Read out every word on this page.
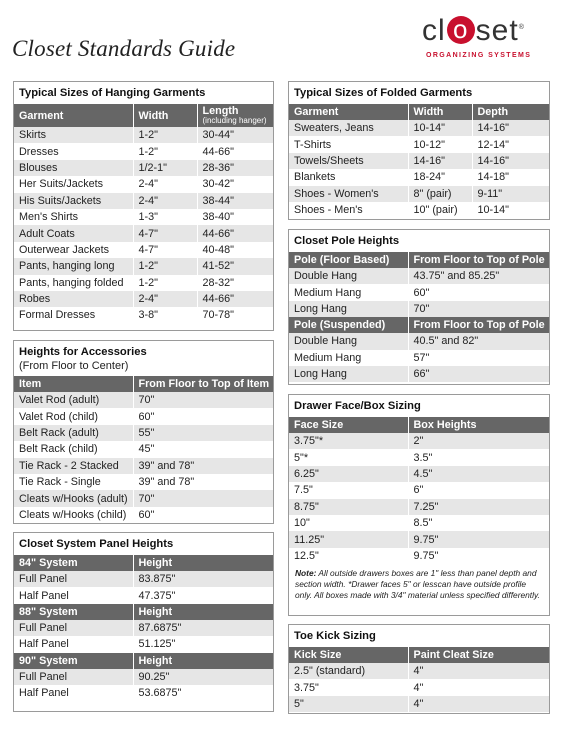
Closet Standards Guide
cl o set®
ORGANIZING SYSTEMS
Typical Sizes of Hanging Garments
Garment	Width	Length
(including hanger)

Skirts	1-2"	30-44"
Dresses	1-2"	44-66"
Blouses	1/2-1"	28-36"
Her Suits/Jackets	2-4"	30-42"
His Suits/Jackets	2-4"	38-44"
Men's Shirts	1-3"	38-40"
Adult Coats	4-7"	44-66"
Outerwear Jackets	4-7"	40-48"
Pants, hanging long	1-2"	41-52"
Pants, hanging folded	1-2"	28-32"
Robes	2-4"	44-66"
Formal Dresses	3-8"	70-78"
Heights for Accessories
(From Floor to Center)
Item	From Floor to Top of Item
Valet Rod (adult)	70"
Valet Rod (child)	60"
Belt Rack (adult)	55"
Belt Rack (child)	45"
Tie Rack - 2 Stacked	39" and 78"
Tie Rack - Single	39" and 78"
Cleats w/Hooks (adult)	70"
Cleats w/Hooks (child)	60"
Closet System Panel Heights
84" System	Height
Full Panel	83.875"
Half Panel	47.375"
88" System	Height
Full Panel	87.6875"
Half Panel	51.125"
90" System	Height
Full Panel	90.25"
Half Panel	53.6875"
Typical Sizes of Folded Garments
Garment	Width	Depth
Sweaters, Jeans	10-14"	14-16"
T-Shirts	10-12"	12-14"
Towels/Sheets	14-16"	14-16"
Blankets	18-24"	14-18"
Shoes - Women's	8" (pair)	9-11"
Shoes - Men's	10" (pair)	10-14"
Closet Pole Heights
Pole (Floor Based)	From Floor to Top of Pole
Double Hang	43.75" and 85.25"
Medium Hang	60"
Long Hang	70"
Pole (Suspended)	From Floor to Top of Pole
Double Hang	40.5" and 82"
Medium Hang	57"
Long Hang	66"
Drawer Face/Box Sizing
Face Size	Box Heights
3.75"*	2"
5"*	3.5"
6.25"	4.5"
7.5"	6"
8.75"	7.25"
10"	8.5"
11.25"	9.75"
12.5"	9.75"
Note: All outside drawers boxes are 1" less than panel depth and section width. *Drawer faces 5" or lesscan have outside profile only. All boxes made with 3/4" material unless specified differently.
Toe Kick Sizing
Kick Size	Paint Cleat Size
2.5" (standard)	4"
3.75"	4"
5"	4"
